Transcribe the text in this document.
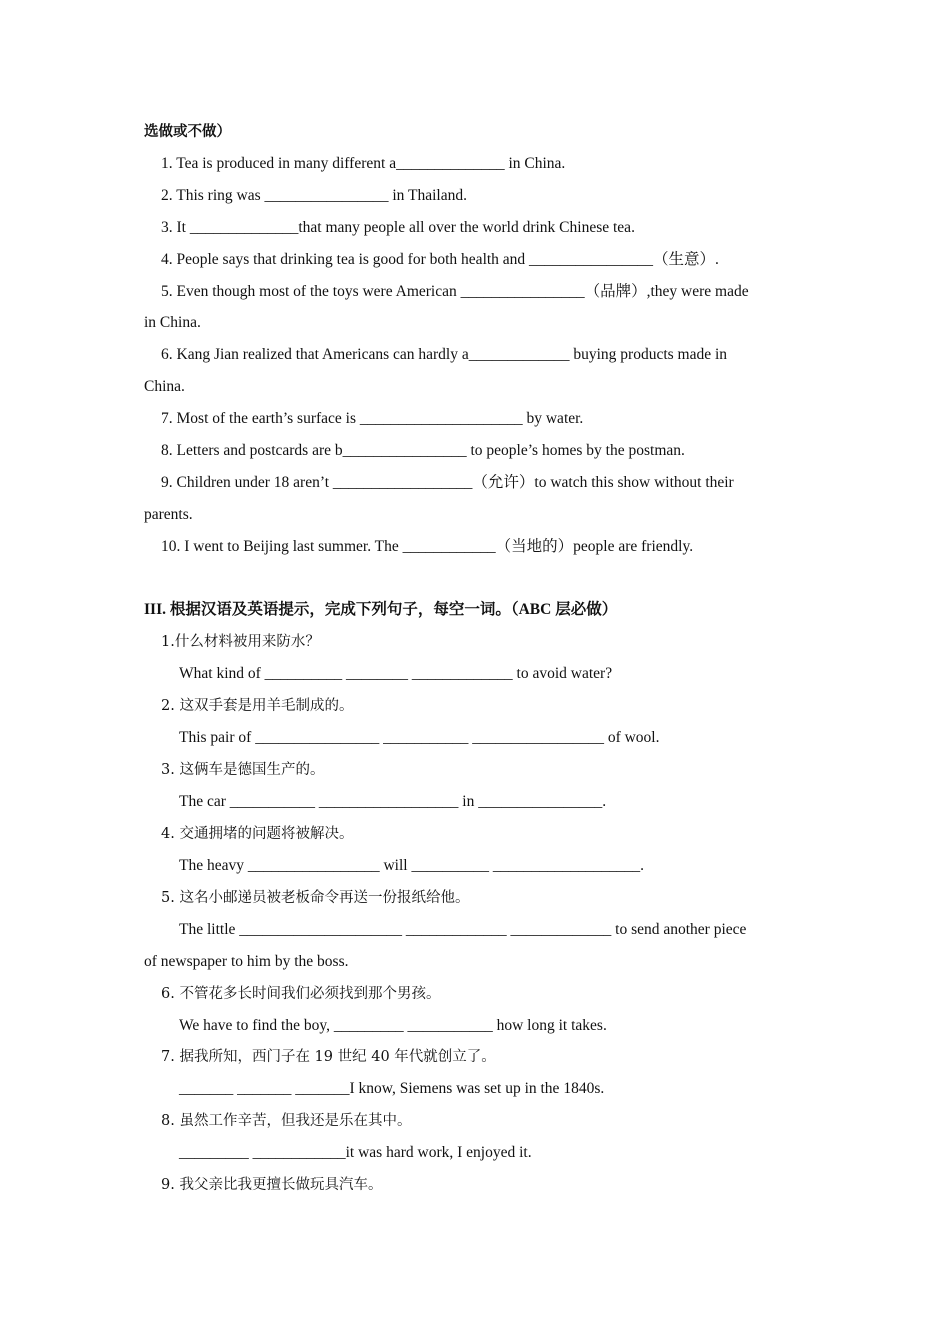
选做或不做）
1. Tea is produced in many different a______________ in China.
2. This ring was ________________ in Thailand.
3. It ______________that many people all over the world drink Chinese tea.
4. People says that drinking tea is good for both health and ________________（生意）.
5. Even though most of the toys were American ________________（品牌）,they were made
in China.
6. Kang Jian realized that Americans can hardly a_____________ buying products made in
China.
7. Most of the earth’s surface is _____________________ by water.
8. Letters and postcards are b________________ to people’s homes by the postman.
9. Children under 18 aren’t __________________（允许）to watch this show without their
parents.
10. I went to Beijing last summer. The ____________（当地的）people are friendly.
III. 根据汉语及英语提示，完成下列句子，每空一词。（ABC 层必做）
1.什么材料被用来防水？
What kind of __________ ________ _____________ to avoid water?
2. 这双手套是用羊毛制成的。
This pair of ________________ ___________ _________________ of wool.
3. 这俩车是德国生产的。
The car ___________ __________________ in ________________.
4. 交通拥堵的问题将被解决。
The heavy _________________ will __________ ___________________.
5. 这名小邮递员被老板命令再送一份报纸给他。
The little _____________________ _____________ _____________ to send another piece
of newspaper to him by the boss.
6. 不管花多长时间我们必须找到那个男孩。
We have to find the boy, _________ ___________ how long it takes.
7. 据我所知，西门子在 19 世纪 40 年代就创立了。
_______ _______ _______I know, Siemens was set up in the 1840s.
8. 虽然工作辛苦，但我还是乐在其中。
_________ ____________it was hard work, I enjoyed it.
9. 我父亲比我更擅长做玩具汽车。
